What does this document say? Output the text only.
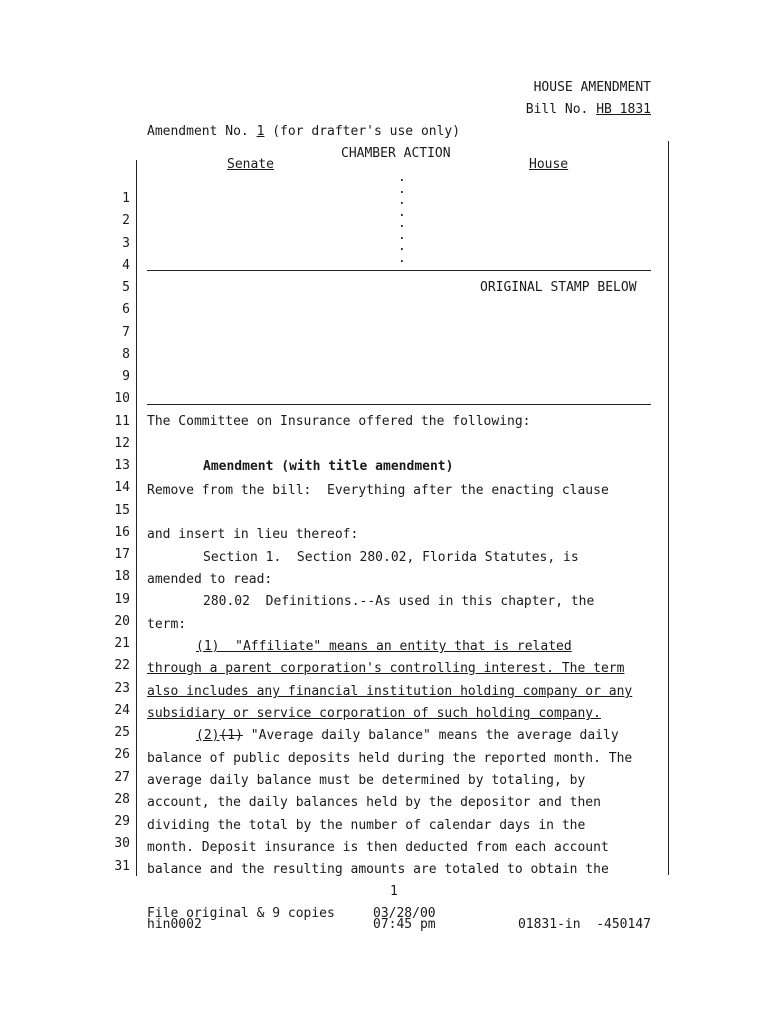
HOUSE AMENDMENT
Bill No. HB 1831
Amendment No. 1 (for drafter's use only)
CHAMBER ACTION
Senate	House
.
.
.
.
.
.
.
.
ORIGINAL STAMP BELOW
1
2
3
4
5
6
7
8
9
10
11
12
13
14
15
16
17
18
19
20
21
22
23
24
25
26
27
28
29
30
31
The Committee on Insurance offered the following:
Amendment (with title amendment)
Remove from the bill:  Everything after the enacting clause
and insert in lieu thereof:
Section 1.  Section 280.02, Florida Statutes, is
amended to read:
280.02  Definitions.--As used in this chapter, the
term:
(1)  "Affiliate" means an entity that is related
through a parent corporation's controlling interest. The term
also includes any financial institution holding company or any
subsidiary or service corporation of such holding company.
(2)(1) "Average daily balance" means the average daily
balance of public deposits held during the reported month. The
average daily balance must be determined by totaling, by
account, the daily balances held by the depositor and then
dividing the total by the number of calendar days in the
month. Deposit insurance is then deducted from each account
balance and the resulting amounts are totaled to obtain the
1
File original & 9 copies
hin0002
03/28/00
07:45 pm	01831-in  -450147
